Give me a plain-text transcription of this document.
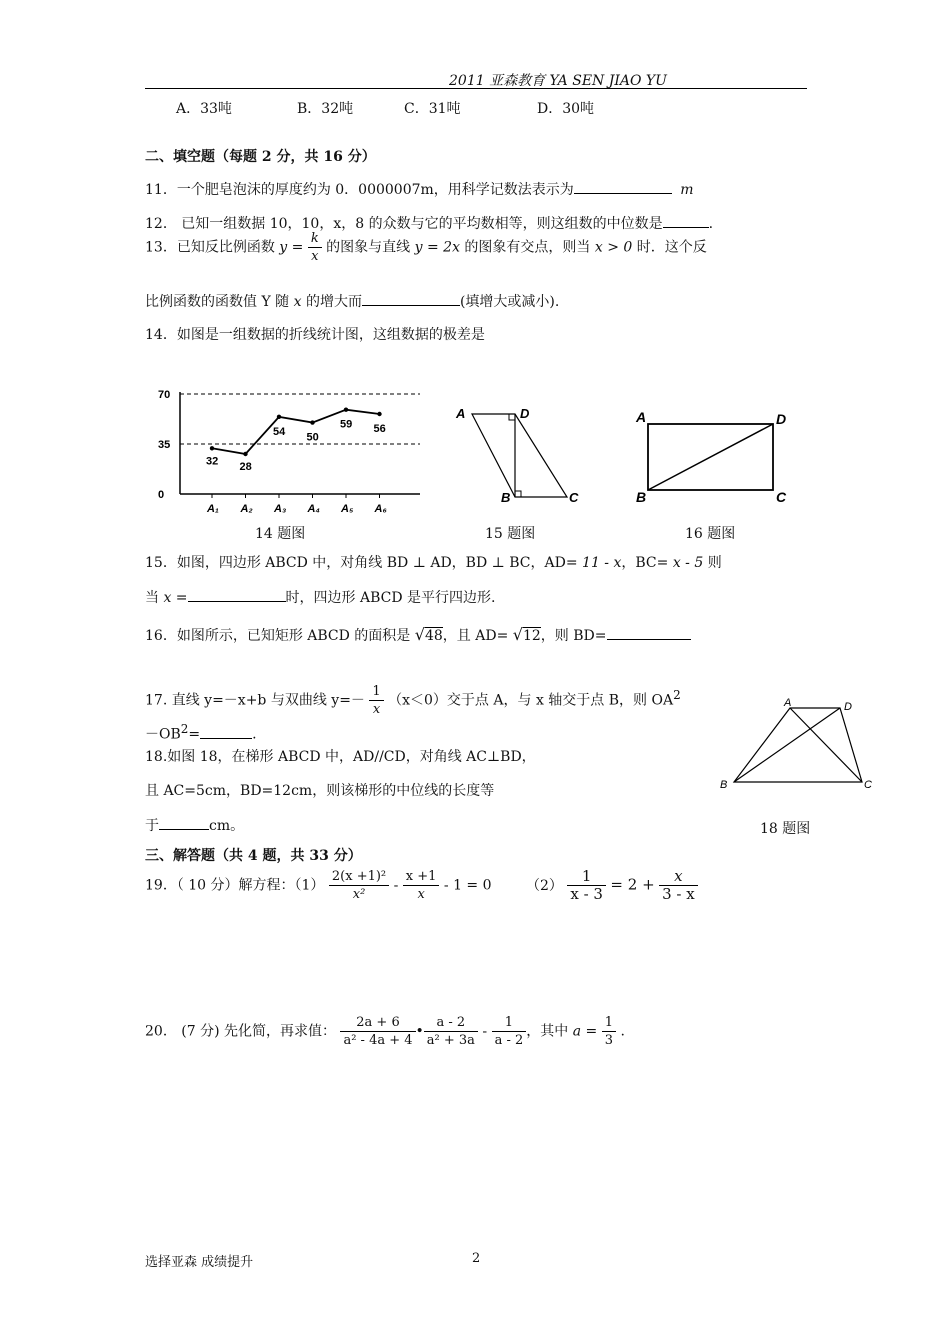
2011 亚森教育 YA SEN JIAO YU
A．33吨	B．32吨	C．31吨	D．30吨
二、填空题（每题 2 分，共 16 分）
11．一个肥皂泡沫的厚度约为 0．0000007m，用科学记数法表示为	m
12． 已知一组数据 10，10，x，8 的众数与它的平均数相等，则这组数的中位数是	.
13．已知反比例函数 $y = \frac{k}{x}$ 的图象与直线 y = 2x 的图象有交点，则当 x > 0 时．这个反
比例函数的函数值 Y 随 x 的增大而	(填增大或减小).
14．如图是一组数据的折线统计图，这组数据的极差是
0
35
70
A₁ A₂ A₃ A₄ A₅ A₆
32 28
54 50
59 56
14 题图
A	D
B	C
15 题图
A	D
B	C
16 题图
15．如图，四边形 ABCD 中，对角线 BD ⊥ AD，BD ⊥ BC，AD= 11 - x，BC= x - 5 则
当 x =	时，四边形 ABCD 是平行四边形.
16．如图所示，已知矩形 ABCD 的面积是 √48，且 AD= √12，则 BD=
17. 直线 y=－x+b 与双曲线 $y=- \frac{1}{x} (x<0)$交于点 A，与 x 轴交于点 B，则 $OA^2$
$-OB^2=$	.
18.如图 18，在梯形 ABCD 中，AD//CD，对角线 AC⊥BD，
且 AC=5cm，BD=12cm，则该梯形的中位线的长度等
于	cm。
A	D
B	C
18 题图
三、解答题（共 4 题，共 33 分）
19．（ 10 分）解方程：$(1) \frac{\text{2(x +1)²}}{\text{x²}} - \frac{x +1}{x} - 1 = 0$ $(2) \frac{1}{x - 3} = 2 + \frac{x}{3 - x}$
20． (7 分) 先化简，再求值： $\frac{2a + 6}{\text{a² - 4a + 4}}$ • $\frac{a - 2}{\text{a² + 3a}} - \frac{1}{a - 2}$ ，其中 $a = \frac{1}{3}$ .
选择亚森 成绩提升	2
